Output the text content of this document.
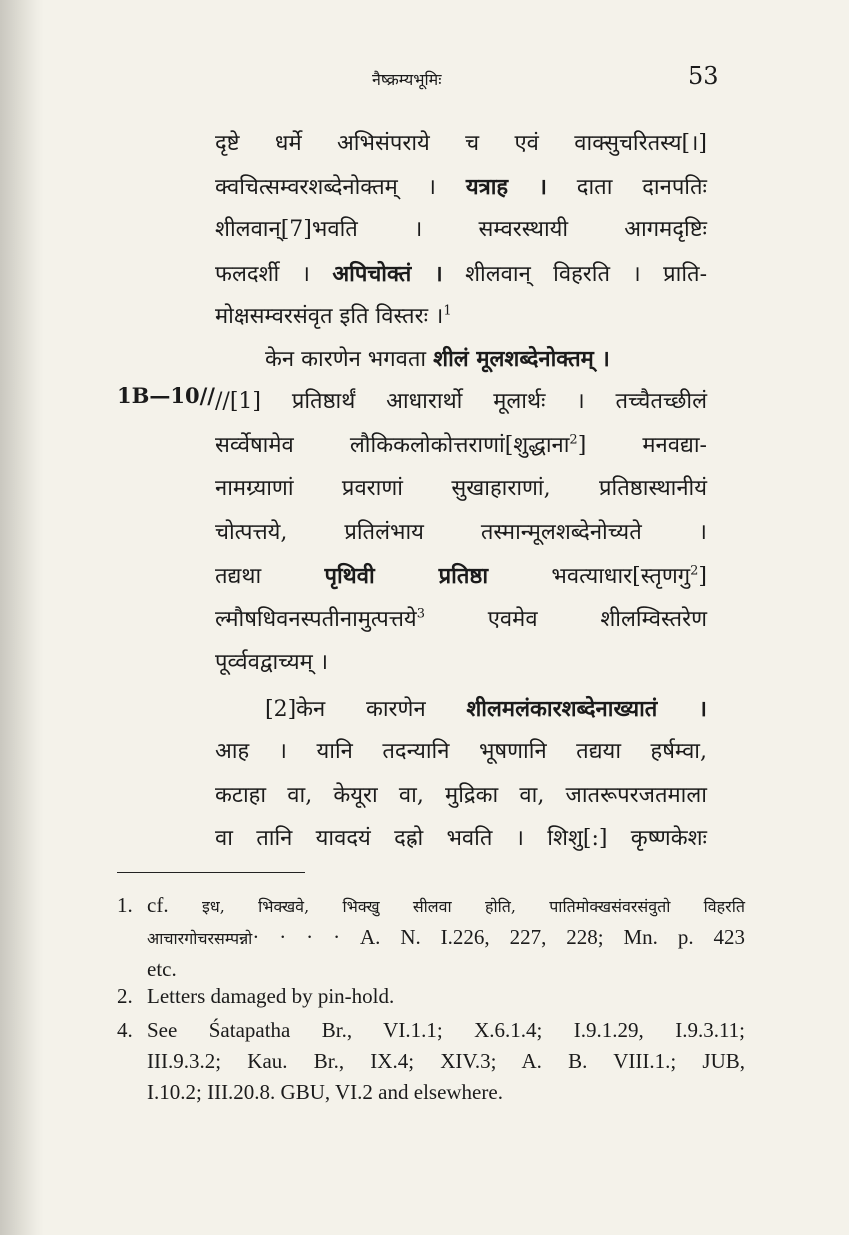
नैष्क्रम्यभूमिः	53
दृष्टे धर्मे अभिसंपराये च एवं वाक्सुचरितस्य[।]
क्वचित्सम्वरशब्देनोक्तम् । यत्राह । दाता दानपतिः
शीलवान्[7]भवति । सम्वरस्थायी आगमदृष्टिः
फलदर्शी । अपिचोक्तं । शीलवान् विहरति । प्राति-
मोक्षसम्वरसंवृत इति विस्तरः ।$^1$
केन कारणेन भगवता शीलं मूलशब्देनोक्तम् ।
1B—10// //[1] प्रतिष्ठार्थं आधारार्थो मूलार्थः । तच्चैतच्छीलं
सर्व्वेषामेव लौकिकलोकोत्तराणां[शुद्धाना$^2$] मनवद्या-
नामग्र्याणां प्रवराणां सुखाहाराणां, प्रतिष्ठास्थानीयं
चोत्पत्तये, प्रतिलंभाय तस्मान्मूलशब्देनोच्यते ।
तद्यथा पृथिवी प्रतिष्ठा भवत्याधार[स्तृणगु$^2$]
ल्मौषधिवनस्पतीनामुत्पत्तये$^3$ एवमेव शीलम्विस्तरेण
पूर्व्ववद्वाच्यम् ।
[2]केन कारणेन शीलमलंकारशब्देनाख्यातं ।
आह । यानि तदन्यानि भूषणानि तद्यया हर्षम्वा,
कटाहा वा, केयूरा वा, मुद्रिका वा, जातरूपरजतमाला
वा तानि यावदयं दह्रो भवति । शिशु[:] कृष्णकेशः
1. cf. इध, भिक्खवे, भिक्खु सीलवा होति, पातिमोक्खसंवरसंवुतो विहरति
आचारगोचरसम्पन्नो· · · · A. N. I.226, 227, 228; Mn. p. 423
etc.
2. Letters damaged by pin-hold.
4. See Śatapatha Br., VI.1.1; X.6.1.4; I.9.1.29, I.9.3.11;
III.9.3.2; Kau. Br., IX.4; XIV.3; A. B. VIII.1.; JUB,
I.10.2; III.20.8. GBU, VI.2 and elsewhere.
